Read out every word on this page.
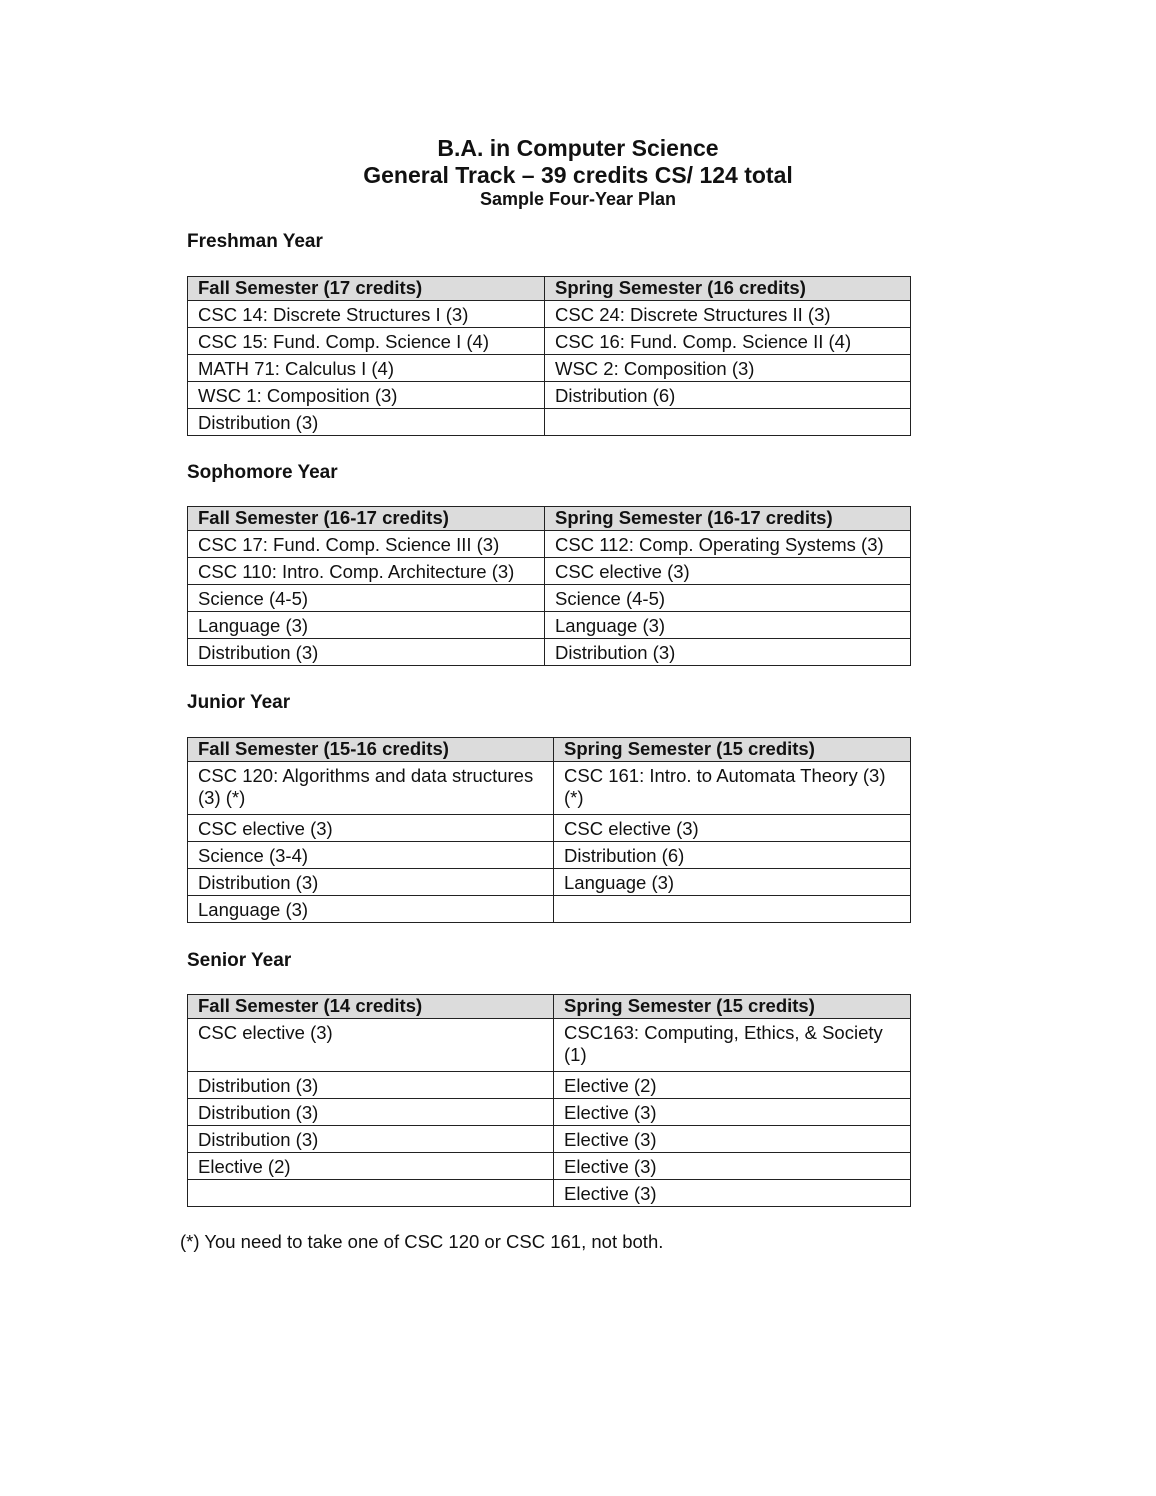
B.A. in Computer Science
General Track – 39 credits CS/ 124 total
Sample Four-Year Plan
Freshman Year
Fall Semester (17 credits)	Spring Semester (16 credits)
CSC 14: Discrete Structures I (3)	CSC 24: Discrete Structures II (3)
CSC 15: Fund. Comp. Science I (4)	CSC 16: Fund. Comp. Science II (4)
MATH 71: Calculus I (4)	WSC 2: Composition (3)
WSC 1: Composition (3)	Distribution (6)
Distribution (3)	
Sophomore Year
Fall Semester (16-17 credits)	Spring Semester (16-17 credits)
CSC 17: Fund. Comp. Science III (3)	CSC 112: Comp. Operating Systems (3)
CSC 110: Intro. Comp. Architecture (3)	CSC elective (3)
Science (4-5)	Science (4-5)
Language (3)	Language (3)
Distribution (3)	Distribution (3)
Junior Year
Fall Semester (15-16 credits)	Spring Semester (15 credits)
CSC 120: Algorithms and data structures (3) (*)	CSC 161: Intro. to Automata Theory (3) (*)
CSC elective (3)	CSC elective (3)
Science (3-4)	Distribution (6)
Distribution (3)	Language (3)
Language (3)	
Senior Year
Fall Semester (14 credits)	Spring Semester (15 credits)
CSC elective (3)	CSC163: Computing, Ethics, & Society (1)
Distribution (3)	Elective (2)
Distribution (3)	Elective (3)
Distribution (3)	Elective (3)
Elective (2)	Elective (3)
	Elective (3)
(*) You need to take one of CSC 120 or CSC 161, not both.
